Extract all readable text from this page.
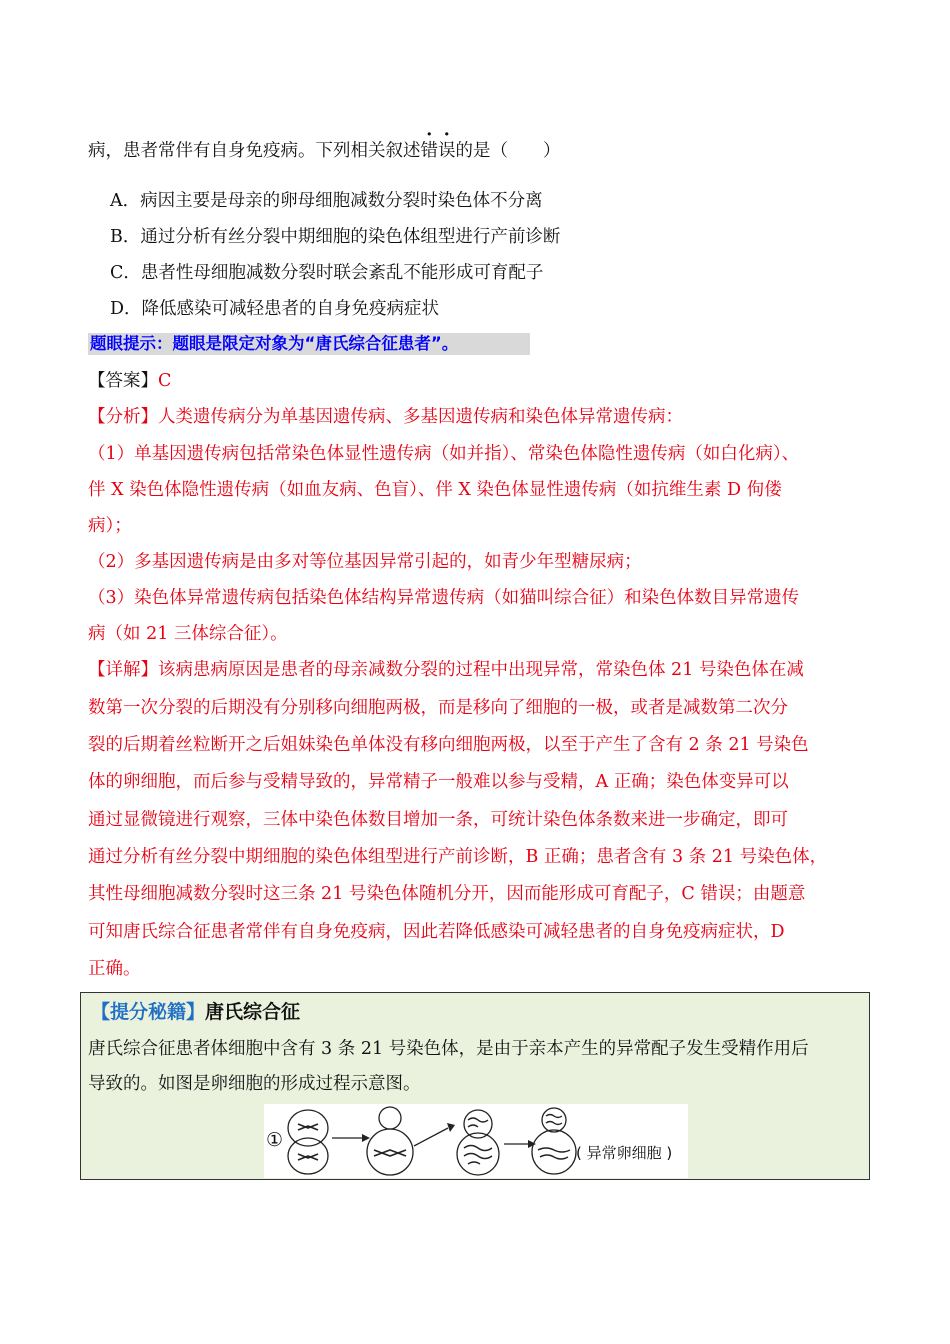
病，患者常伴有自身免疫病。下列相关叙述错误的是（　　）
A．病因主要是母亲的卵母细胞减数分裂时染色体不分离
B．通过分析有丝分裂中期细胞的染色体组型进行产前诊断
C．患者性母细胞减数分裂时联会紊乱不能形成可育配子
D．降低感染可减轻患者的自身免疫病症状
题眼提示：题眼是限定对象为“唐氏综合征患者”。
【答案】C
【分析】人类遗传病分为单基因遗传病、多基因遗传病和染色体异常遗传病：
（1）单基因遗传病包括常染色体显性遗传病（如并指）、常染色体隐性遗传病（如白化病）、
伴 X 染色体隐性遗传病（如血友病、色盲）、伴 X 染色体显性遗传病（如抗维生素 D 佝偻
病）；
（2）多基因遗传病是由多对等位基因异常引起的，如青少年型糖尿病；
（3）染色体异常遗传病包括染色体结构异常遗传病（如猫叫综合征）和染色体数目异常遗传
病（如 21 三体综合征）。
【详解】该病患病原因是患者的母亲减数分裂的过程中出现异常，常染色体 21 号染色体在减
数第一次分裂的后期没有分别移向细胞两极，而是移向了细胞的一极，或者是减数第二次分
裂的后期着丝粒断开之后姐妹染色单体没有移向细胞两极，以至于产生了含有 2 条 21 号染色
体的卵细胞，而后参与受精导致的，异常精子一般难以参与受精，A 正确；染色体变异可以
通过显微镜进行观察，三体中染色体数目增加一条，可统计染色体条数来进一步确定，即可
通过分析有丝分裂中期细胞的染色体组型进行产前诊断，B 正确；患者含有 3 条 21 号染色体，
其性母细胞减数分裂时这三条 21 号染色体随机分开，因而能形成可育配子，C 错误；由题意
可知唐氏综合征患者常伴有自身免疫病，因此若降低感染可减轻患者的自身免疫病症状，D
正确。
【提分秘籍】唐氏综合征
唐氏综合征患者体细胞中含有 3 条 21 号染色体，是由于亲本产生的异常配子发生受精作用后
导致的。如图是卵细胞的形成过程示意图。
①
( 异常卵细胞 )
